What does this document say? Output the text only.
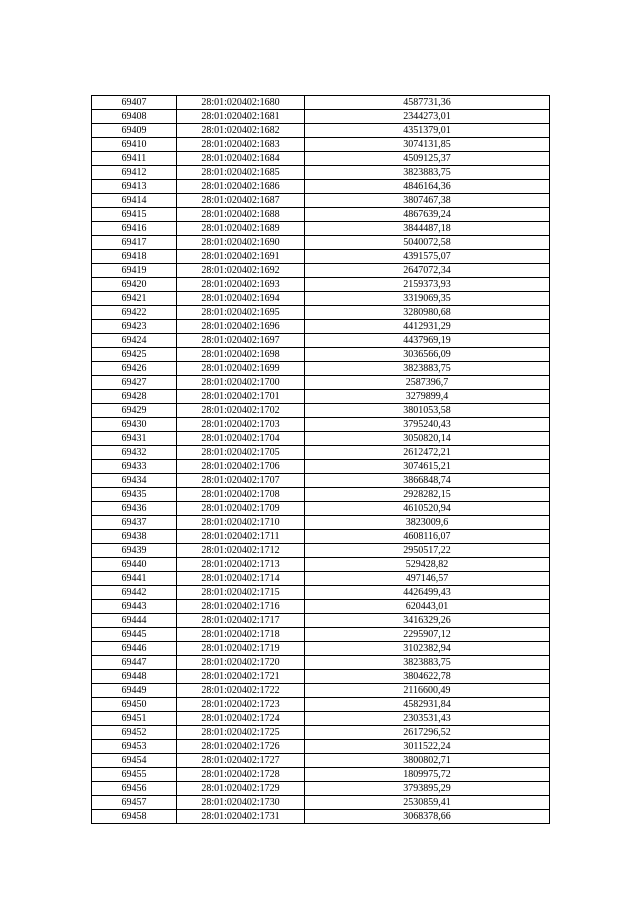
69407	28:01:020402:1680	4587731,36
69408	28:01:020402:1681	2344273,01
69409	28:01:020402:1682	4351379,01
69410	28:01:020402:1683	3074131,85
69411	28:01:020402:1684	4509125,37
69412	28:01:020402:1685	3823883,75
69413	28:01:020402:1686	4846164,36
69414	28:01:020402:1687	3807467,38
69415	28:01:020402:1688	4867639,24
69416	28:01:020402:1689	3844487,18
69417	28:01:020402:1690	5040072,58
69418	28:01:020402:1691	4391575,07
69419	28:01:020402:1692	2647072,34
69420	28:01:020402:1693	2159373,93
69421	28:01:020402:1694	3319069,35
69422	28:01:020402:1695	3280980,68
69423	28:01:020402:1696	4412931,29
69424	28:01:020402:1697	4437969,19
69425	28:01:020402:1698	3036566,09
69426	28:01:020402:1699	3823883,75
69427	28:01:020402:1700	2587396,7
69428	28:01:020402:1701	3279899,4
69429	28:01:020402:1702	3801053,58
69430	28:01:020402:1703	3795240,43
69431	28:01:020402:1704	3050820,14
69432	28:01:020402:1705	2612472,21
69433	28:01:020402:1706	3074615,21
69434	28:01:020402:1707	3866848,74
69435	28:01:020402:1708	2928282,15
69436	28:01:020402:1709	4610520,94
69437	28:01:020402:1710	3823009,6
69438	28:01:020402:1711	4608116,07
69439	28:01:020402:1712	2950517,22
69440	28:01:020402:1713	529428,82
69441	28:01:020402:1714	497146,57
69442	28:01:020402:1715	4426499,43
69443	28:01:020402:1716	620443,01
69444	28:01:020402:1717	3416329,26
69445	28:01:020402:1718	2295907,12
69446	28:01:020402:1719	3102382,94
69447	28:01:020402:1720	3823883,75
69448	28:01:020402:1721	3804622,78
69449	28:01:020402:1722	2116600,49
69450	28:01:020402:1723	4582931,84
69451	28:01:020402:1724	2303531,43
69452	28:01:020402:1725	2617296,52
69453	28:01:020402:1726	3011522,24
69454	28:01:020402:1727	3800802,71
69455	28:01:020402:1728	1809975,72
69456	28:01:020402:1729	3793895,29
69457	28:01:020402:1730	2530859,41
69458	28:01:020402:1731	3068378,66
